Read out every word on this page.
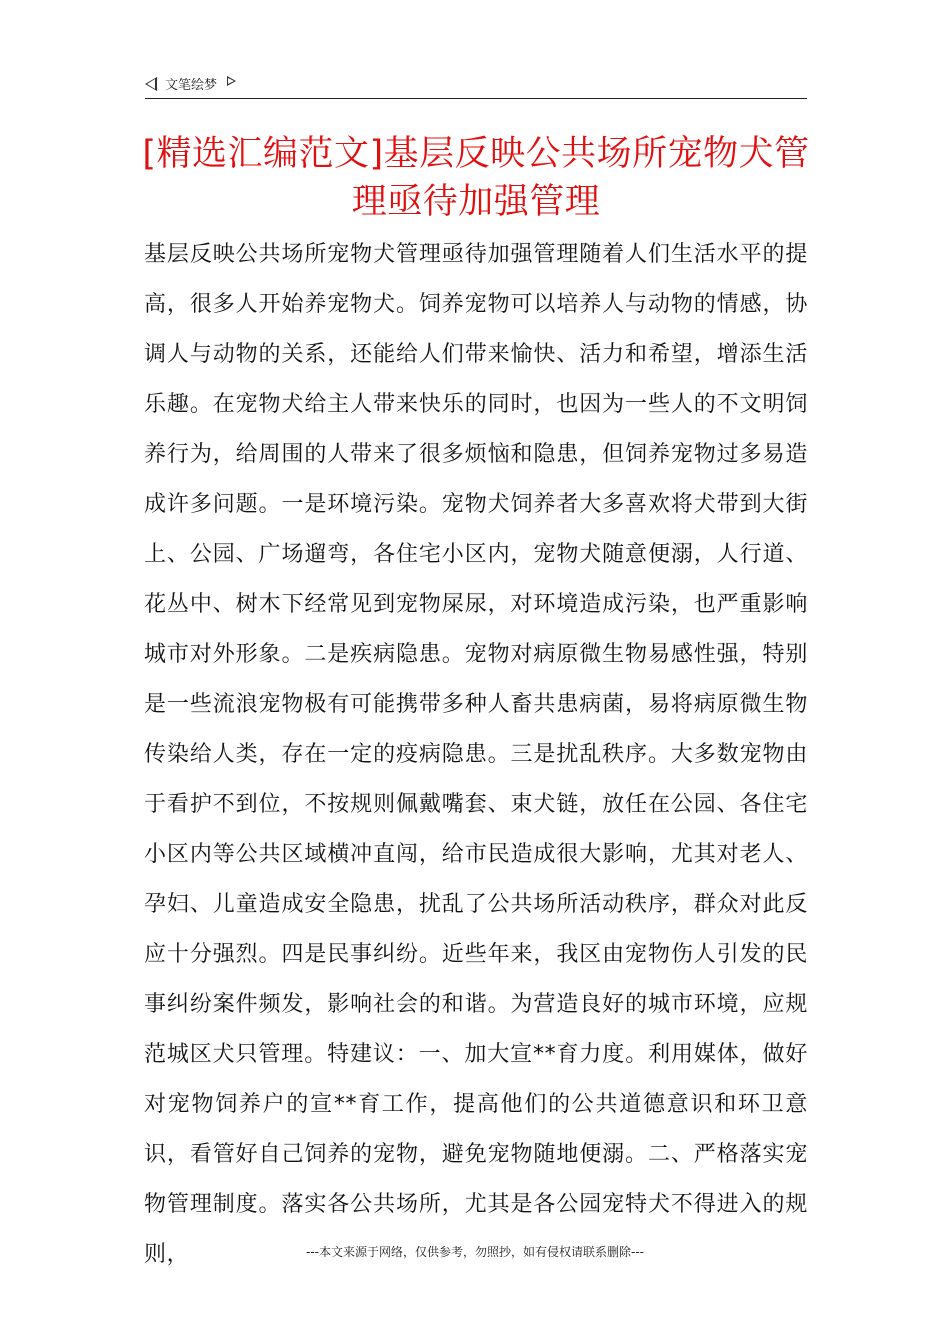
文笔绘梦
[精选汇编范文]基层反映公共场所宠物犬管理亟待加强管理

基层反映公共场所宠物犬管理亟待加强管理随着人们生活水平的提高，很多人开始养宠物犬。饲养宠物可以培养人与动物的情感，协调人与动物的关系，还能给人们带来愉快、活力和希望，增添生活乐趣。在宠物犬给主人带来快乐的同时，也因为一些人的不文明饲养行为，给周围的人带来了很多烦恼和隐患，但饲养宠物过多易造成许多问题。一是环境污染。宠物犬饲养者大多喜欢将犬带到大街上、公园、广场遛弯，各住宅小区内，宠物犬随意便溺，人行道、花丛中、树木下经常见到宠物屎尿，对环境造成污染，也严重影响城市对外形象。二是疾病隐患。宠物对病原微生物易感性强，特别是一些流浪宠物极有可能携带多种人畜共患病菌，易将病原微生物传染给人类，存在一定的疫病隐患。三是扰乱秩序。大多数宠物由于看护不到位，不按规则佩戴嘴套、束犬链，放任在公园、各住宅小区内等公共区域横冲直闯，给市民造成很大影响，尤其对老人、孕妇、儿童造成安全隐患，扰乱了公共场所活动秩序，群众对此反应十分强烈。四是民事纠纷。近些年来，我区由宠物伤人引发的民事纠纷案件频发，影响社会的和谐。为营造良好的城市环境，应规范城区犬只管理。特建议：一、加大宣**育力度。利用媒体，做好对宠物饲养户的宣**育工作，提高他们的公共道德意识和环卫意识，看管好自己饲养的宠物，避免宠物随地便溺。二、严格落实宠物管理制度。落实各公共场所，尤其是各公园宠特犬不得进入的规则，	---本文来源于网络，仅供参考，勿照抄，如有侵权请联系删除---
